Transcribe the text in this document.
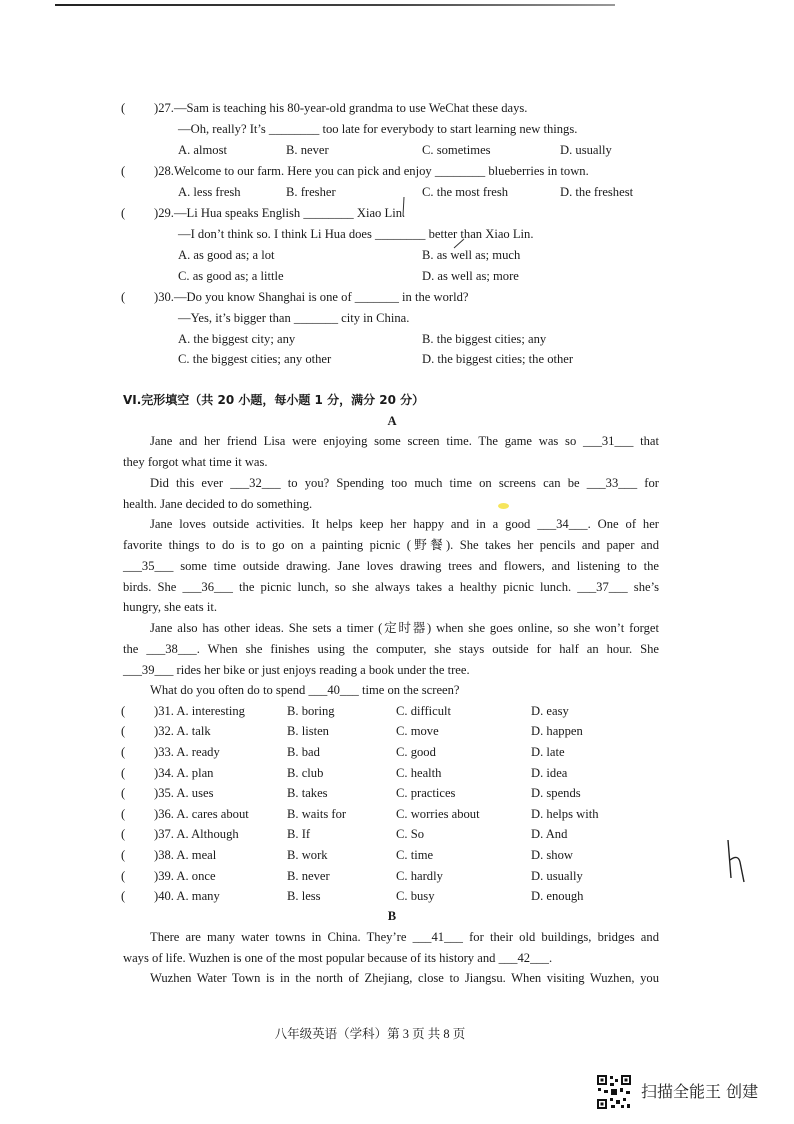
( )27.—Sam is teaching his 80-year-old grandma to use WeChat these days.
—Oh, really? It’s ________ too late for everybody to start learning new things.
A. almost	B. never	C. sometimes	D. usually
( )28.Welcome to our farm. Here you can pick and enjoy ________ blueberries in town.
A. less fresh	B. fresher	C. the most fresh	D. the freshest
( )29.—Li Hua speaks English ________ Xiao Lin.
—I don’t think so. I think Li Hua does ________ better than Xiao Lin.
A. as good as; a lot	B. as well as; much
C. as good as; a little	D. as well as; more
( )30.—Do you know Shanghai is one of _______ in the world?
—Yes, it’s bigger than _______ city in China.
A. the biggest city; any	B. the biggest cities; any
C. the biggest cities; any other	D. the biggest cities; the other
VI.完形填空（共 20 小题，每小题 1 分，满分 20 分）
A
Jane and her friend Lisa were enjoying some screen time. The game was so ___31___ that
they forgot what time it was.
Did this ever ___32___ to you? Spending too much time on screens can be ___33___ for
health. Jane decided to do something.
Jane loves outside activities. It helps keep her happy and in a good ___34___. One of her
favorite things to do is to go on a painting picnic (野餐). She takes her pencils and paper and
___35___ some time outside drawing. Jane loves drawing trees and flowers, and listening to the
birds. She ___36___ the picnic lunch, so she always takes a healthy picnic lunch. ___37___ she’s
hungry, she eats it.
Jane also has other ideas. She sets a timer (定时器) when she goes online, so she won’t forget
the ___38___. When she finishes using the computer, she stays outside for half an hour. She
___39___ rides her bike or just enjoys reading a book under the tree.
What do you often do to spend ___40___ time on the screen?
( )31. A. interesting	B. boring	C. difficult	D. easy
( )32. A. talk	B. listen	C. move	D. happen
( )33. A. ready	B. bad	C. good	D. late
( )34. A. plan	B. club	C. health	D. idea
( )35. A. uses	B. takes	C. practices	D. spends
( )36. A. cares about	B. waits for	C. worries about	D. helps with
( )37. A. Although	B. If	C. So	D. And
( )38. A. meal	B. work	C. time	D. show
( )39. A. once	B. never	C. hardly	D. usually
( )40. A. many	B. less	C. busy	D. enough
B
There are many water towns in China. They’re ___41___ for their old buildings, bridges and
ways of life. Wuzhen is one of the most popular because of its history and ___42___.
Wuzhen Water Town is in the north of Zhejiang, close to Jiangsu. When visiting Wuzhen, you
八年级英语（学科）第 3 页 共 8 页
扫描全能王 创建
